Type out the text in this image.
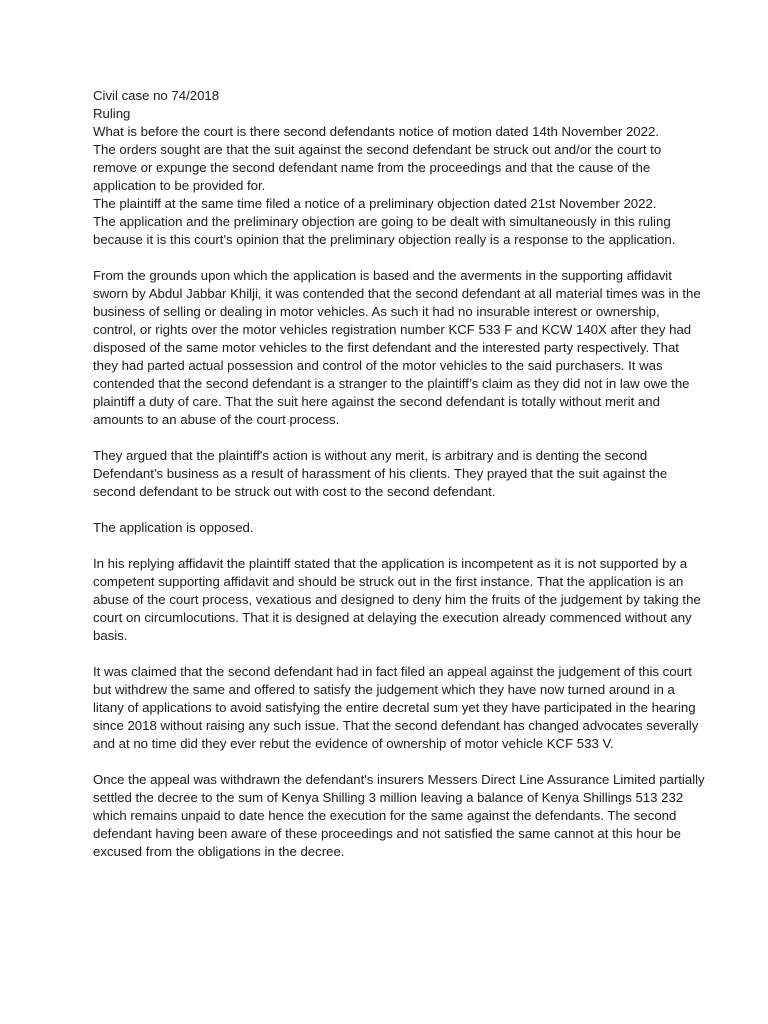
Civil case no 74/2018

Ruling

What is before the court is there second defendants notice of motion dated 14th November 2022.

The orders sought are that the suit against the second defendant be struck out and/or the court to remove or expunge the second defendant name from the proceedings and that the cause of the application to be provided for.

The plaintiff at the same time filed a notice of a preliminary objection dated 21st November 2022.

The application and the preliminary objection are going to be dealt with simultaneously in this ruling because it is this court's opinion that the preliminary objection really is a response to the application.

From the grounds upon which the application is based and the averments in the supporting affidavit sworn by Abdul Jabbar Khilji, it was contended that the second defendant at all material times was in the business of selling or dealing in motor vehicles. As such it had no insurable interest or ownership, control, or rights over the motor vehicles registration number KCF 533 F and KCW 140X after they had disposed of the same motor vehicles to the first defendant and the interested party respectively. That they had parted actual possession and control of the motor vehicles to the said purchasers. It was contended that the second defendant is a stranger to the plaintiff’s claim as they did not in law owe the plaintiff a duty of care. That the suit here against the second defendant is totally without merit and amounts to an abuse of the court process.

They argued that the plaintiff's action is without any merit, is arbitrary and is denting the second Defendant’s business as a result of harassment of his clients. They prayed that the suit against the second defendant to be struck out with cost to the second defendant.

The application is opposed.

In his replying affidavit the plaintiff stated that the application is incompetent as it is not supported by a competent supporting affidavit and should be struck out in the first instance. That the application is an abuse of the court process, vexatious and designed to deny him the fruits of the judgement by taking the court on circumlocutions. That it is designed at delaying the execution already commenced without any basis.

It was claimed that the second defendant had in fact filed an appeal against the judgement of this court but withdrew the same and offered to satisfy the judgement which they have now turned around in a litany of applications to avoid satisfying the entire decretal sum yet they have participated in the hearing since 2018 without raising any such issue. That the second defendant has changed advocates severally and at no time did they ever rebut the evidence of ownership of motor vehicle KCF 533 V.

Once the appeal was withdrawn the defendant's insurers Messers Direct Line Assurance Limited partially settled the decree to the sum of Kenya Shilling 3 million leaving a balance of Kenya Shillings 513 232 which remains unpaid to date hence the execution for the same against the defendants. The second defendant having been aware of these proceedings and not satisfied the same cannot at this hour be excused from the obligations in the decree.
